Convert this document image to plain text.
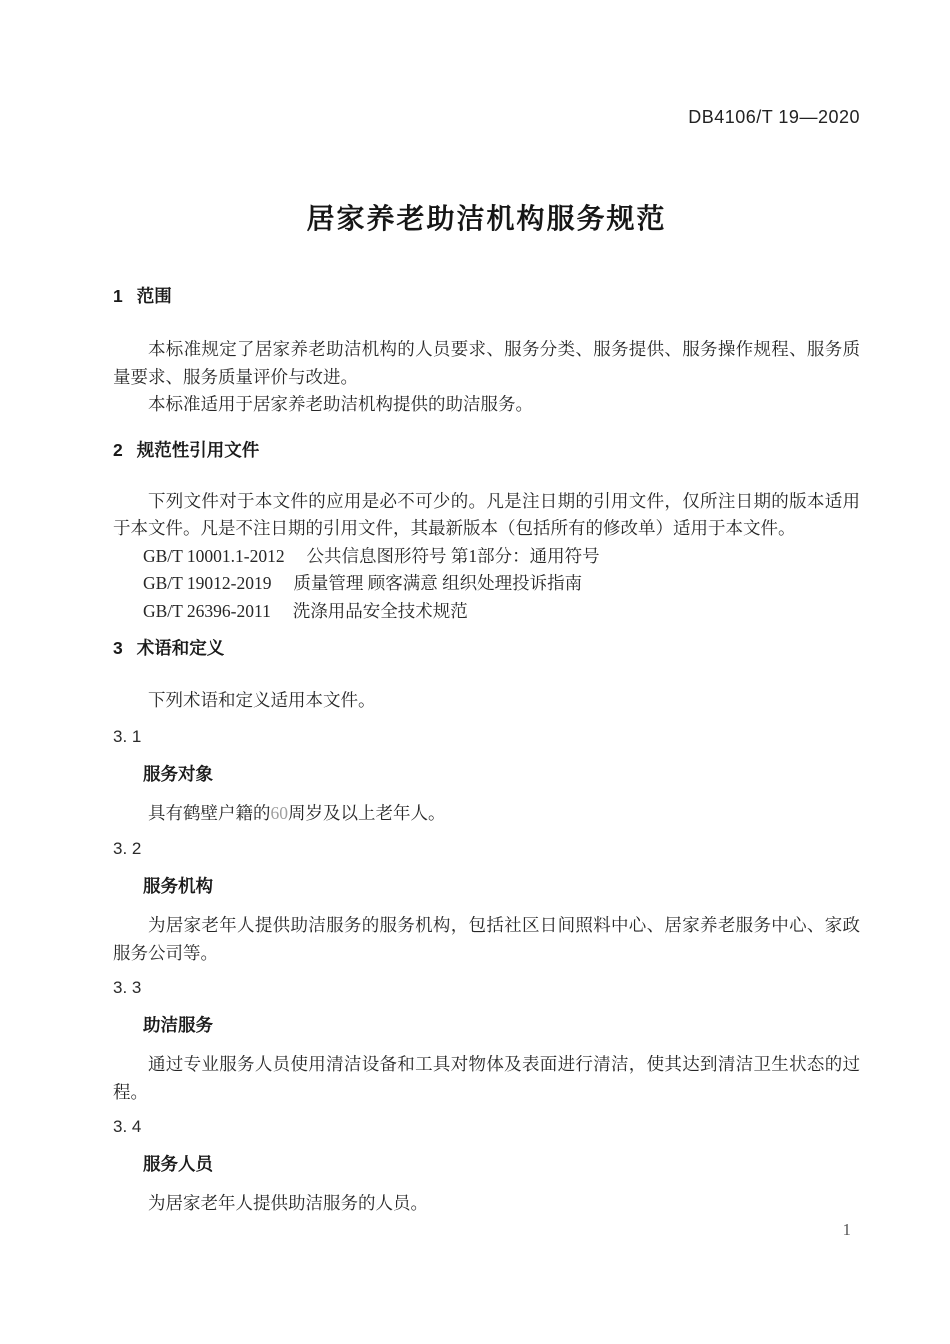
DB4106/T 19—2020
居家养老助洁机构服务规范
1 范围

本标准规定了居家养老助洁机构的人员要求、服务分类、服务提供、服务操作规程、服务质量要求、服务质量评价与改进。

本标准适用于居家养老助洁机构提供的助洁服务。

2 规范性引用文件

下列文件对于本文件的应用是必不可少的。凡是注日期的引用文件，仅所注日期的版本适用于本文件。凡是不注日期的引用文件，其最新版本（包括所有的修改单）适用于本文件。

GB/T 10001.1-2012　 公共信息图形符号 第1部分：通用符号
GB/T 19012-2019　 质量管理 顾客满意 组织处理投诉指南
GB/T 26396-2011　 洗涤用品安全技术规范
3 术语和定义

下列术语和定义适用本文件。

3. 1
服务对象

具有鹤壁户籍的60周岁及以上老年人。

3. 2
服务机构

为居家老年人提供助洁服务的服务机构，包括社区日间照料中心、居家养老服务中心、家政服务公司等。

3. 3
助洁服务

通过专业服务人员使用清洁设备和工具对物体及表面进行清洁，使其达到清洁卫生状态的过程。

3. 4
服务人员

为居家老年人提供助洁服务的人员。

1
